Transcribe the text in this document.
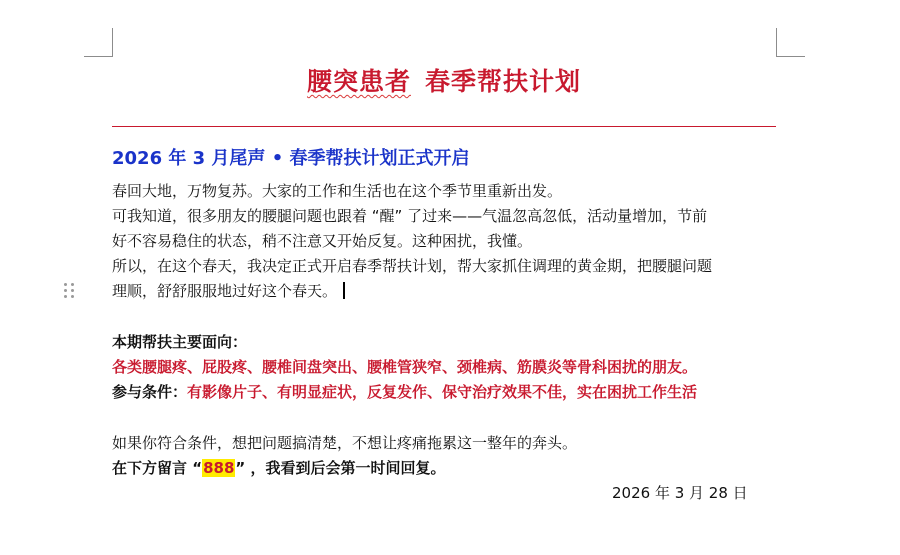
腰突患者 春季帮扶计划
2026 年 3 月尾声 • 春季帮扶计划正式开启
春回大地，万物复苏。大家的工作和生活也在这个季节里重新出发。
可我知道，很多朋友的腰腿问题也跟着 “醒” 了过来——气温忽高忽低，活动量增加，节前
好不容易稳住的状态，稍不注意又开始反复。这种困扰，我懂。
所以，在这个春天，我决定正式开启春季帮扶计划，帮大家抓住调理的黄金期，把腰腿问题
理顺，舒舒服服地过好这个春天。
本期帮扶主要面向：
各类腰腿疼、屁股疼、腰椎间盘突出、腰椎管狭窄、颈椎病、筋膜炎等骨科困扰的朋友。
参与条件：有影像片子、有明显症状，反复发作、保守治疗效果不佳，实在困扰工作生活
如果你符合条件，想把问题搞清楚，不想让疼痛拖累这一整年的奔头。
在下方留言 “888” ，我看到后会第一时间回复。
2026 年 3 月 28 日
